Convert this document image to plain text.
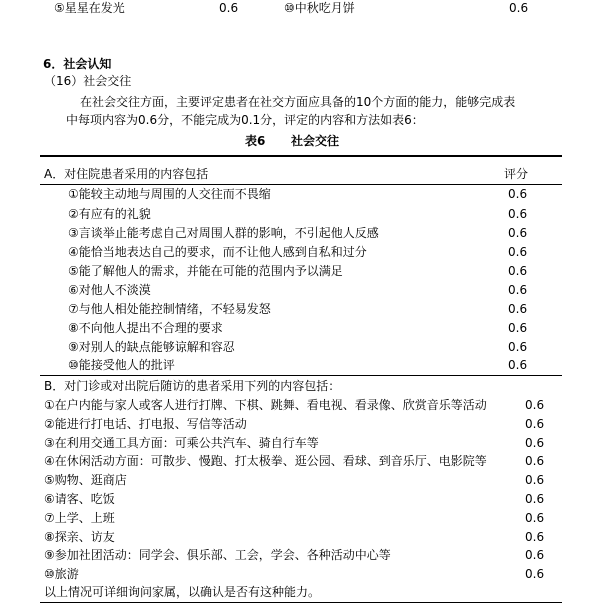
⑤星星在发光	0.6	⑩中秋吃月饼	0.6
6．社会认知
（16）社会交往
在社会交往方面，主要评定患者在社交方面应具备的10个方面的能力，能够完成表
中每项内容为0.6分，不能完成为0.1分，评定的内容和方法如表6：
表6 社会交往
A．对住院患者采用的内容包括	评分
①能较主动地与周围的人交往而不畏缩	0.6
②有应有的礼貌	0.6
③言谈举止能考虑自己对周围人群的影响，不引起他人反感	0.6
④能恰当地表达自己的要求，而不让他人感到自私和过分	0.6
⑤能了解他人的需求，并能在可能的范围内予以满足	0.6
⑥对他人不淡漠	0.6
⑦与他人相处能控制情绪，不轻易发怒	0.6
⑧不向他人提出不合理的要求	0.6
⑨对别人的缺点能够谅解和容忍	0.6
⑩能接受他人的批评	0.6
B．对门诊或对出院后随访的患者采用下列的内容包括：
①在户内能与家人或客人进行打牌、下棋、跳舞、看电视、看录像、欣赏音乐等活动	0.6
②能进行打电话、打电报、写信等活动	0.6
③在利用交通工具方面：可乘公共汽车、骑自行车等	0.6
④在休闲活动方面：可散步、慢跑、打太极拳、逛公园、看球、到音乐厅、电影院等	0.6
⑤购物、逛商店	0.6
⑥请客、吃饭	0.6
⑦上学、上班	0.6
⑧探亲、访友	0.6
⑨参加社团活动：同学会、俱乐部、工会，学会、各种活动中心等	0.6
⑩旅游	0.6
以上情况可详细询问家属，以确认是否有这种能力。
